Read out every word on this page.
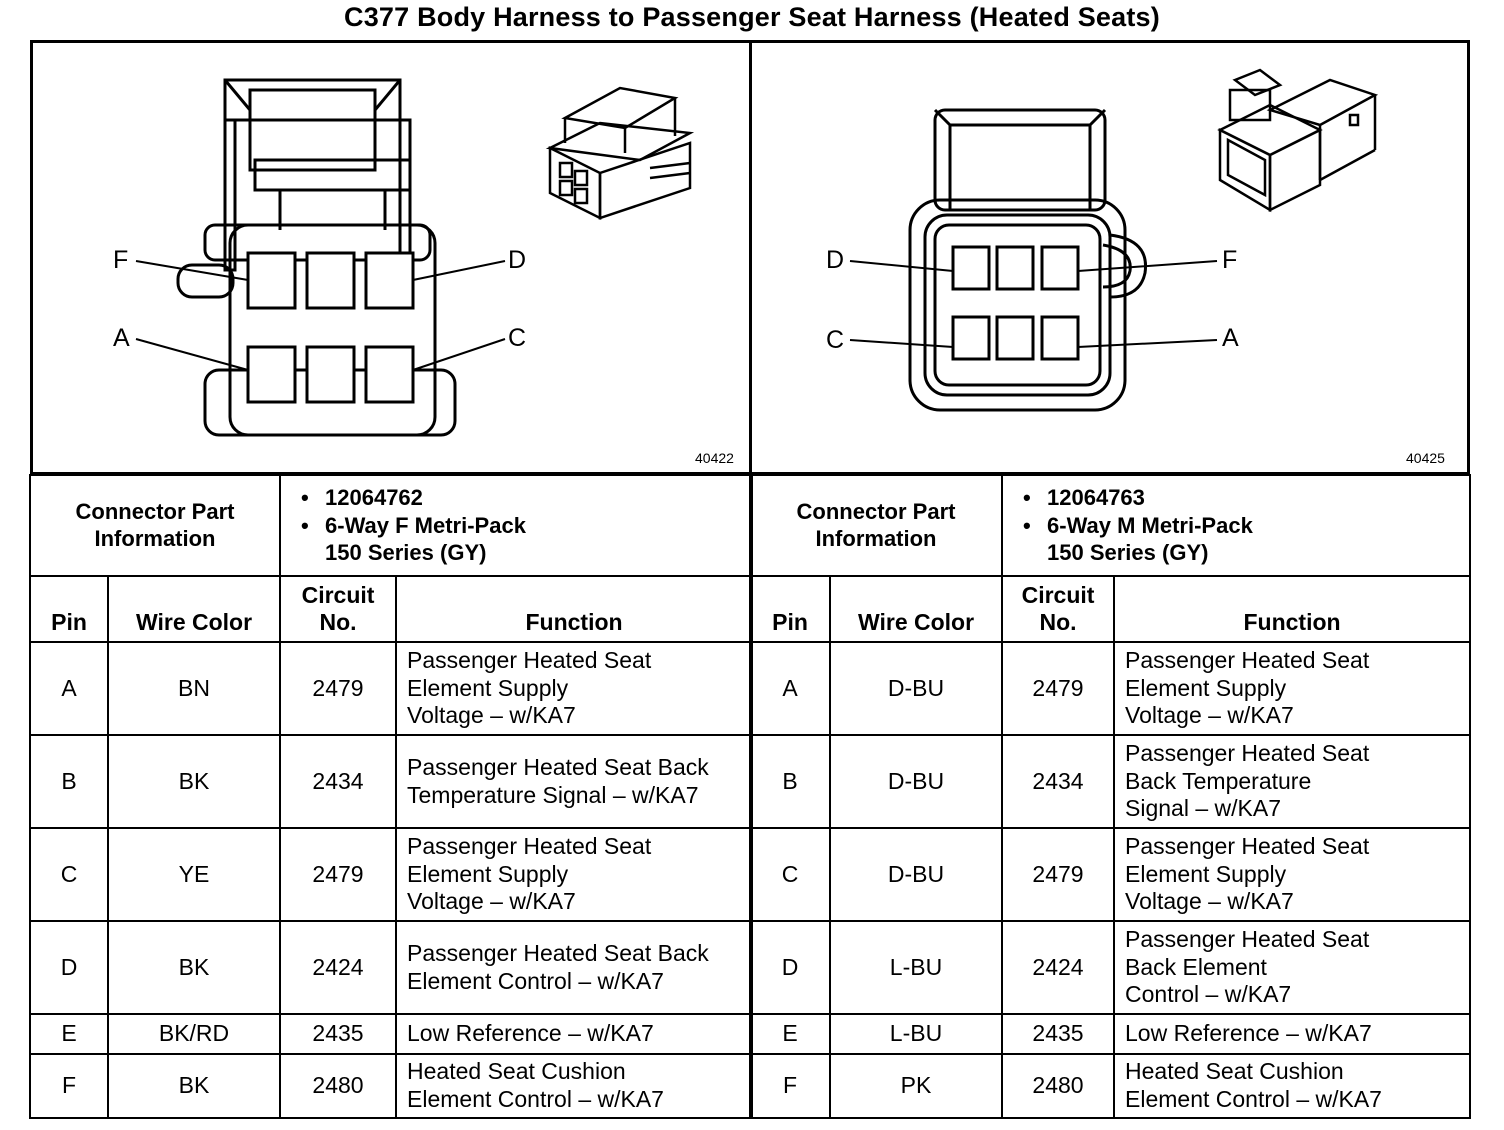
C377 Body Harness to Passenger Seat Harness (Heated Seats)
F	D
A	C
40422
D	F
C	A
40425
Connector Part
Information		• 12064762
• 6-Way F Metri-Pack
150 Series (GY)	
Pin	Wire Color	Circuit
No.	Function
A	BN	2479	Passenger Heated Seat
Element Supply
Voltage – w/KA7
B	BK	2434	Passenger Heated Seat Back
Temperature Signal – w/KA7
C	YE	2479	Passenger Heated Seat
Element Supply
Voltage – w/KA7
D	BK	2424	Passenger Heated Seat Back
Element Control – w/KA7
E	BK/RD	2435	Low Reference – w/KA7
F	BK	2480	Heated Seat Cushion
Element Control – w/KA7
Connector Part
Information		• 12064763
• 6-Way M Metri-Pack
150 Series (GY)	
Pin	Wire Color	Circuit
No.	Function
A	D-BU	2479	Passenger Heated Seat
Element Supply
Voltage – w/KA7
B	D-BU	2434	Passenger Heated Seat
Back Temperature
Signal – w/KA7
C	D-BU	2479	Passenger Heated Seat
Element Supply
Voltage – w/KA7
D	L-BU	2424	Passenger Heated Seat
Back Element
Control – w/KA7
E	L-BU	2435	Low Reference – w/KA7
F	PK	2480	Heated Seat Cushion
Element Control – w/KA7
